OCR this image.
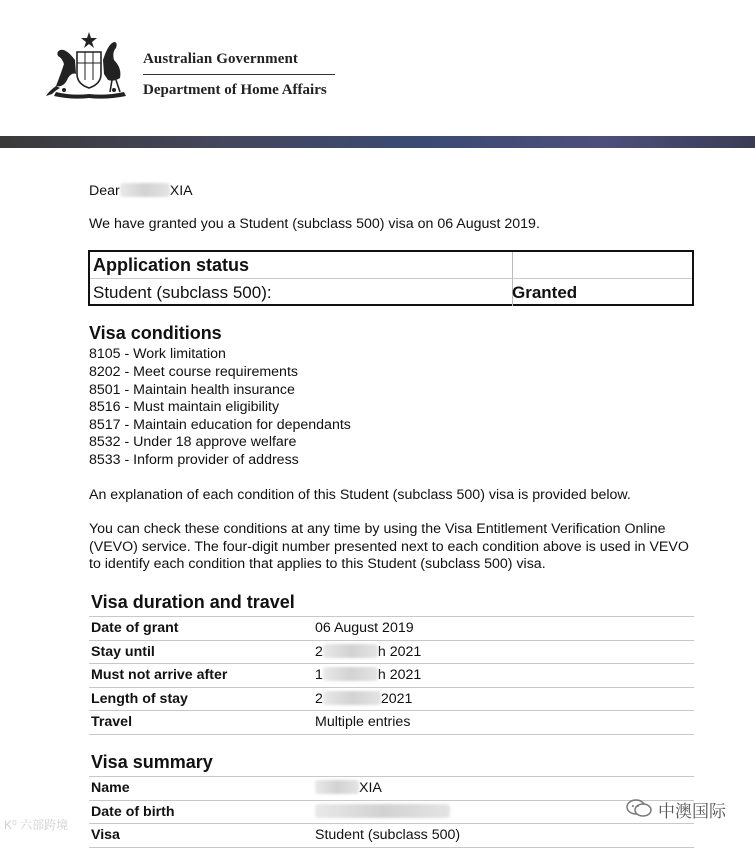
Australian Government
Department of Home Affairs
Dear	XIA
We have granted you a Student (subclass 500) visa on 06 August 2019.
Application status
Student (subclass 500):	Granted
Visa conditions
8105 - Work limitation
8202 - Meet course requirements
8501 - Maintain health insurance
8516 - Must maintain eligibility
8517 - Maintain education for dependants
8532 - Under 18 approve welfare
8533 - Inform provider of address
An explanation of each condition of this Student (subclass 500) visa is provided below.
You can check these conditions at any time by using the Visa Entitlement Verification Online (VEVO) service. The four-digit number presented next to each condition above is used in VEVO to identify each condition that applies to this Student (subclass 500) visa.
Visa duration and travel
Date of grant	06 August 2019
Stay until	2	h 2021
Must not arrive after	1	h 2021
Length of stay	2	2021
Travel	Multiple entries
Visa summary
Name	XIA
Date of birth
Visa	Student (subclass 500)
K⁰ 六部跨境
中澳国际
